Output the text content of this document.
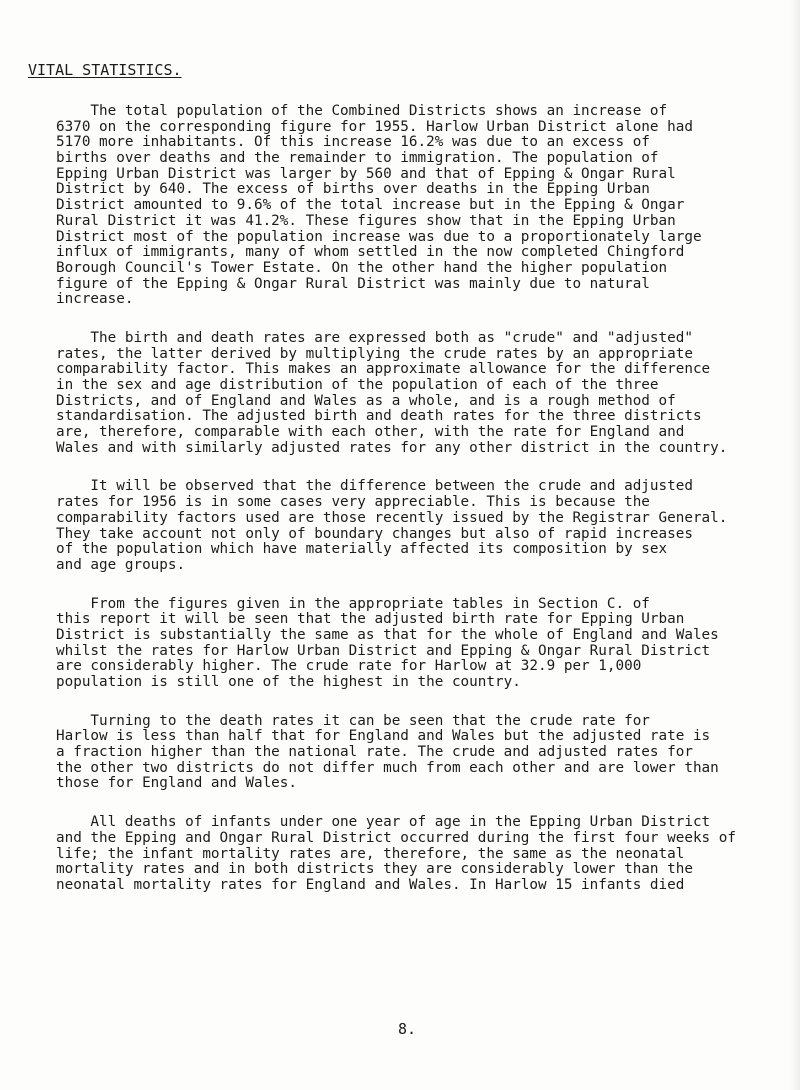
VITAL STATISTICS.
The total population of the Combined Districts shows an increase of
6370 on the corresponding figure for 1955. Harlow Urban District alone had
5170 more inhabitants. Of this increase 16.2% was due to an excess of
births over deaths and the remainder to immigration. The population of
Epping Urban District was larger by 560 and that of Epping & Ongar Rural
District by 640. The excess of births over deaths in the Epping Urban
District amounted to 9.6% of the total increase but in the Epping & Ongar
Rural District it was 41.2%. These figures show that in the Epping Urban
District most of the population increase was due to a proportionately large
influx of immigrants, many of whom settled in the now completed Chingford
Borough Council's Tower Estate. On the other hand the higher population
figure of the Epping & Ongar Rural District was mainly due to natural
increase.
The birth and death rates are expressed both as "crude" and "adjusted"
rates, the latter derived by multiplying the crude rates by an appropriate
comparability factor. This makes an approximate allowance for the difference
in the sex and age distribution of the population of each of the three
Districts, and of England and Wales as a whole, and is a rough method of
standardisation. The adjusted birth and death rates for the three districts
are, therefore, comparable with each other, with the rate for England and
Wales and with similarly adjusted rates for any other district in the country.
It will be observed that the difference between the crude and adjusted
rates for 1956 is in some cases very appreciable. This is because the
comparability factors used are those recently issued by the Registrar General.
They take account not only of boundary changes but also of rapid increases
of the population which have materially affected its composition by sex
and age groups.
From the figures given in the appropriate tables in Section C. of
this report it will be seen that the adjusted birth rate for Epping Urban
District is substantially the same as that for the whole of England and Wales
whilst the rates for Harlow Urban District and Epping & Ongar Rural District
are considerably higher. The crude rate for Harlow at 32.9 per 1,000
population is still one of the highest in the country.
Turning to the death rates it can be seen that the crude rate for
Harlow is less than half that for England and Wales but the adjusted rate is
a fraction higher than the national rate. The crude and adjusted rates for
the other two districts do not differ much from each other and are lower than
those for England and Wales.
All deaths of infants under one year of age in the Epping Urban District
and the Epping and Ongar Rural District occurred during the first four weeks of
life; the infant mortality rates are, therefore, the same as the neonatal
mortality rates and in both districts they are considerably lower than the
neonatal mortality rates for England and Wales. In Harlow 15 infants died
8.
